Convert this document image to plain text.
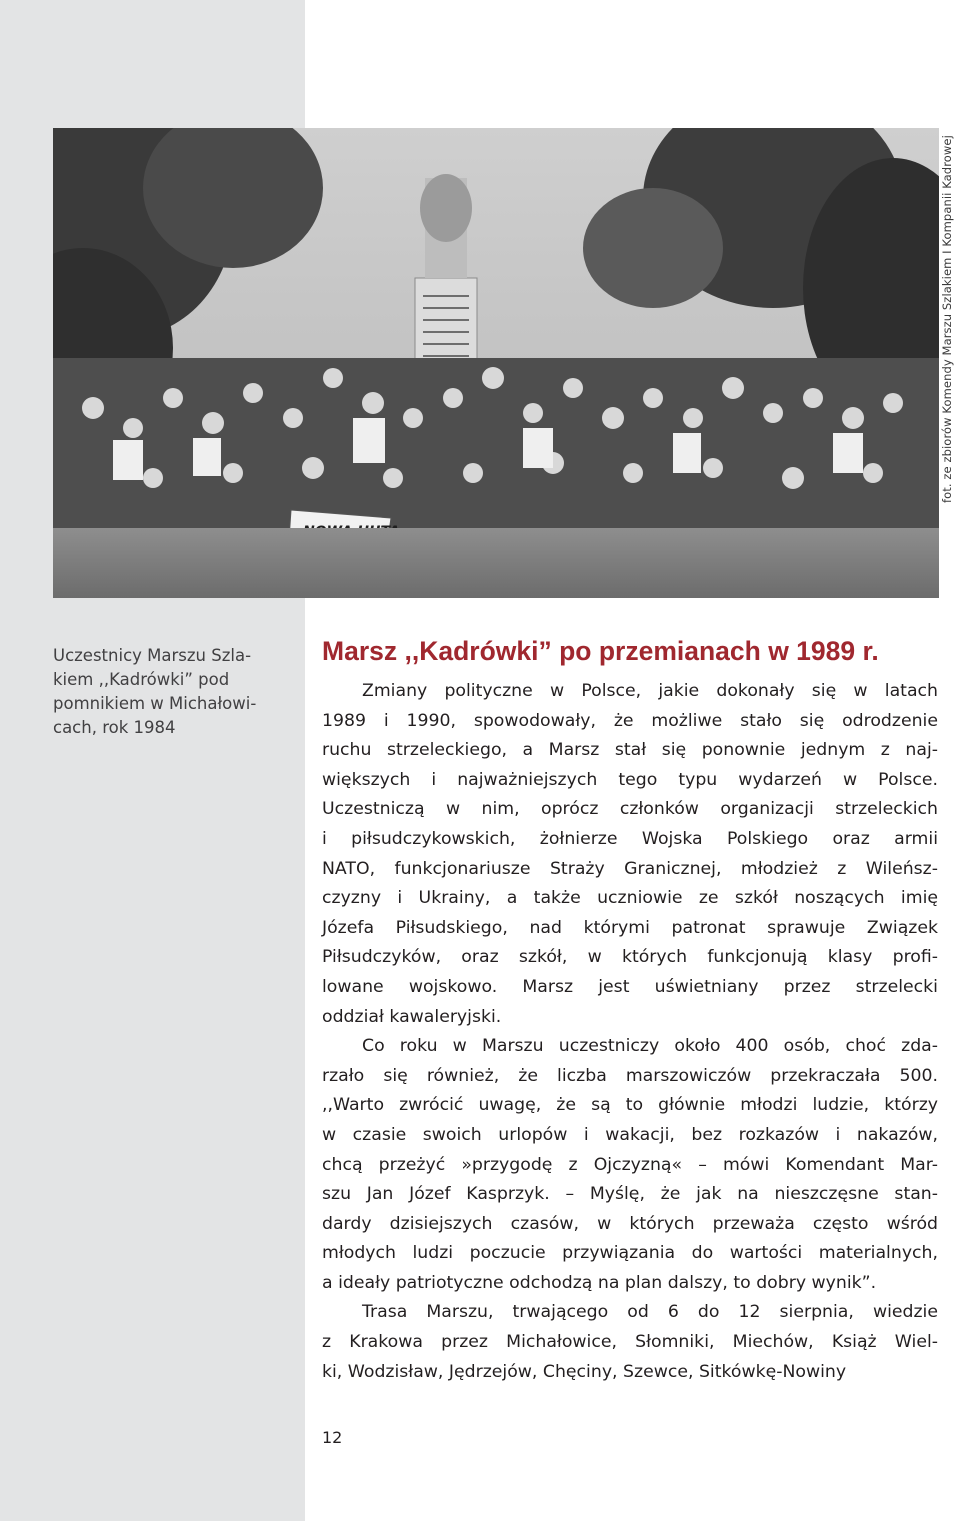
fot. ze zbiorów Komendy Marszu Szlakiem I Kompanii Kadrowej
Uczestnicy Marszu Szla-
kiem ,,Kadrówki” pod
pomnikiem w Michałowi-
cach, rok 1984
Marsz ,,Kadrówki” po przemianach w 1989 r.
Zmiany polityczne w Polsce, jakie dokonały się w latach
1989 i 1990, spowodowały, że możliwe stało się odrodzenie
ruchu strzeleckiego, a Marsz stał się ponownie jednym z naj-
większych i najważniejszych tego typu wydarzeń w Polsce.
Uczestniczą w nim, oprócz członków organizacji strzeleckich
i piłsudczykowskich, żołnierze Wojska Polskiego oraz armii
NATO, funkcjonariusze Straży Granicznej, młodzież z Wileńsz-
czyzny i Ukrainy, a także uczniowie ze szkół noszących imię
Józefa Piłsudskiego, nad którymi patronat sprawuje Związek
Piłsudczyków, oraz szkół, w których funkcjonują klasy profi-
lowane wojskowo. Marsz jest uświetniany przez strzelecki
oddział kawaleryjski.
Co roku w Marszu uczestniczy około 400 osób, choć zda-
rzało się również, że liczba marszowiczów przekraczała 500.
,,Warto zwrócić uwagę, że są to głównie młodzi ludzie, którzy
w czasie swoich urlopów i wakacji, bez rozkazów i nakazów,
chcą przeżyć »przygodę z Ojczyzną« – mówi Komendant Mar-
szu Jan Józef Kasprzyk. – Myślę, że jak na nieszczęsne stan-
dardy dzisiejszych czasów, w których przeważa często wśród
młodych ludzi poczucie przywiązania do wartości materialnych,
a ideały patriotyczne odchodzą na plan dalszy, to dobry wynik”.
Trasa Marszu, trwającego od 6 do 12 sierpnia, wiedzie
z Krakowa przez Michałowice, Słomniki, Miechów, Książ Wiel-
ki, Wodzisław, Jędrzejów, Chęciny, Szewce, Sitkówkę-Nowiny
12
